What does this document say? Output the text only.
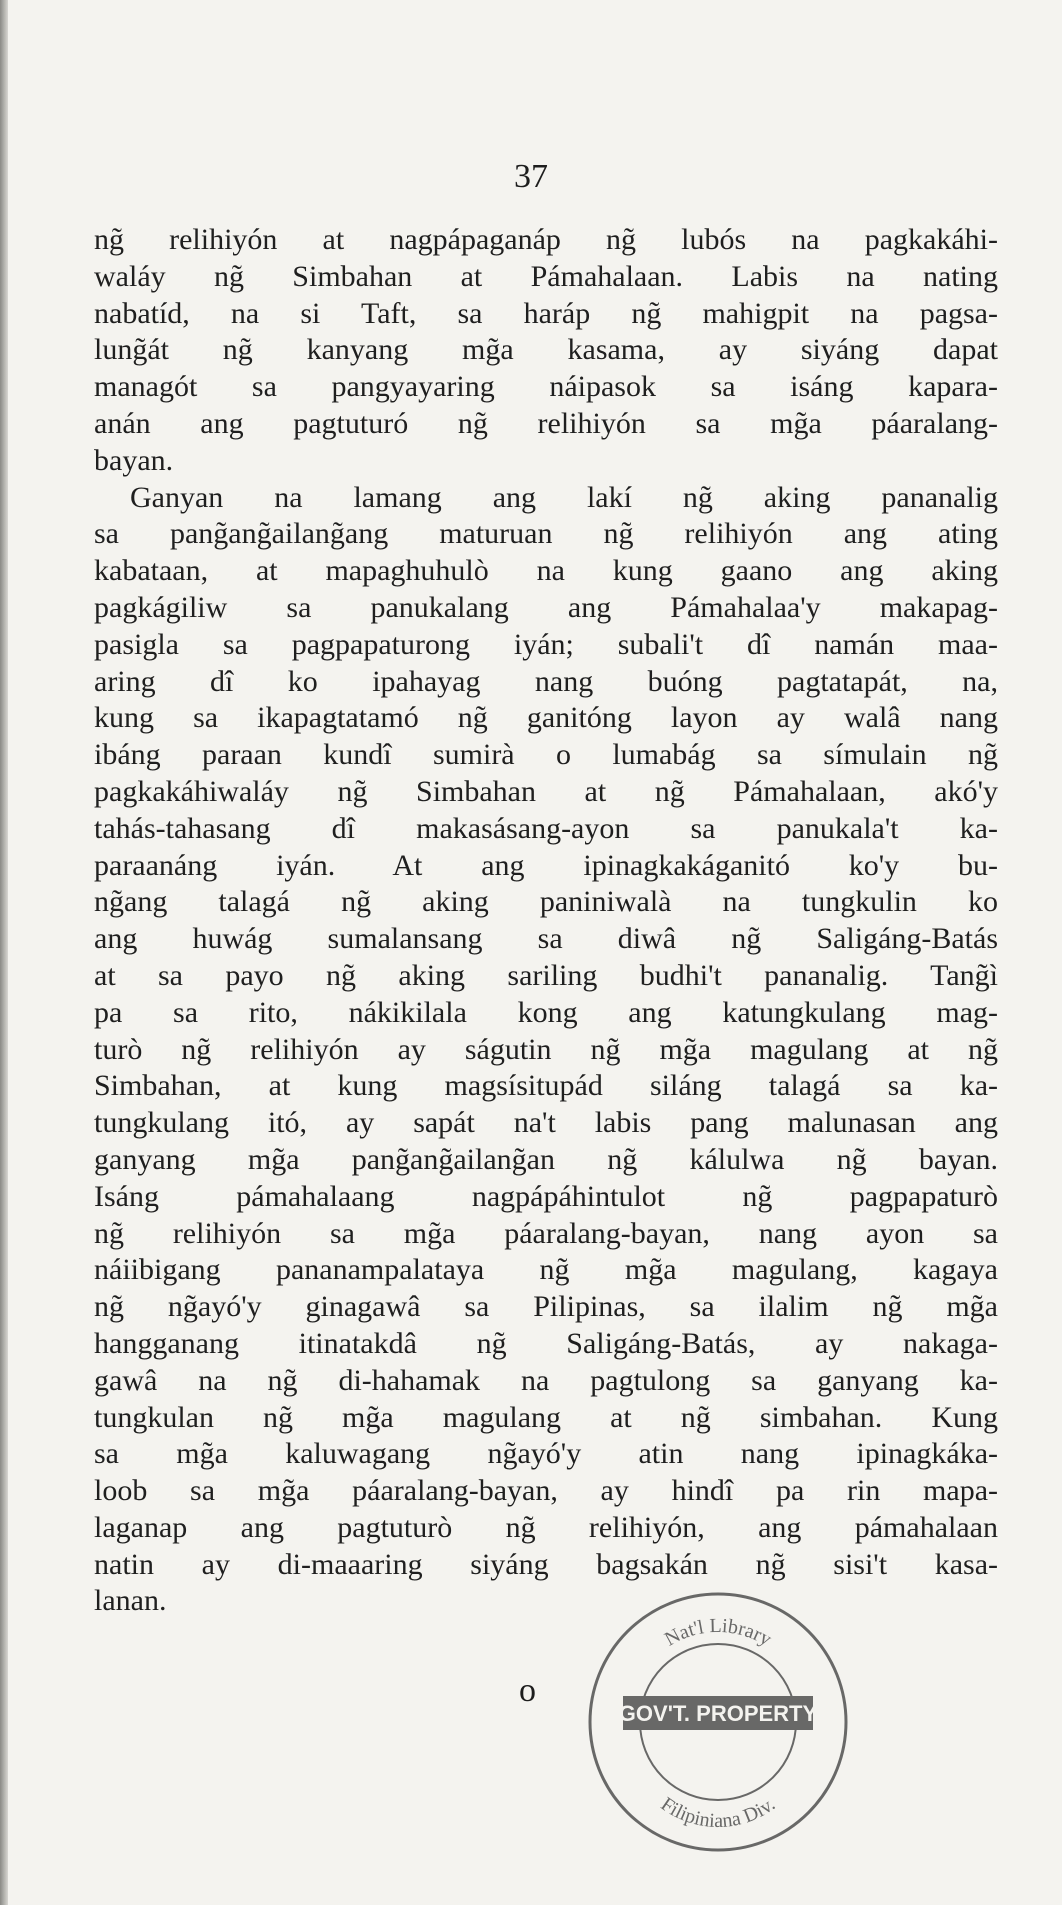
37
ng̃ relihiyón at nagpápaganáp ng̃ lubós na pagkakáhi-
waláy ng̃ Simbahan at Pámahalaan. Labis na nating
nabatíd, na si Taft, sa haráp ng̃ mahigpit na pagsa-
lung̃át ng̃ kanyang mg̃a kasama, ay siyáng dapat
managót sa pangyayaring náipasok sa isáng kapara-
anán ang pagtuturó ng̃ relihiyón sa mg̃a páaralang-
bayan.
Ganyan na lamang ang lakí ng̃ aking pananalig
sa pang̃ang̃ailang̃ang maturuan ng̃ relihiyón ang ating
kabataan, at mapaghuhulò na kung gaano ang aking
pagkágiliw sa panukalang ang Pámahalaa'y makapag-
pasigla sa pagpapaturong iyán; subali't dî namán maa-
aring dî ko ipahayag nang buóng pagtatapát, na,
kung sa ikapagtatamó ng̃ ganitóng layon ay walâ nang
ibáng paraan kundî sumirà o lumabág sa símulain ng̃
pagkakáhiwaláy ng̃ Simbahan at ng̃ Pámahalaan, akó'y
tahás-tahasang dî makasásang-ayon sa panukala't ka-
paraanáng iyán. At ang ipinagkakáganitó ko'y bu-
ng̃ang talagá ng̃ aking paniniwalà na tungkulin ko
ang huwág sumalansang sa diwâ ng̃ Saligáng-Batás
at sa payo ng̃ aking sariling budhi't pananalig. Tang̃ì
pa sa rito, nákikilala kong ang katungkulang mag-
turò ng̃ relihiyón ay ságutin ng̃ mg̃a magulang at ng̃
Simbahan, at kung magsísitupád siláng talagá sa ka-
tungkulang itó, ay sapát na't labis pang malunasan ang
ganyang mg̃a pang̃ang̃ailang̃an ng̃ kálulwa ng̃ bayan.
Isáng pámahalaang nagpápáhintulot ng̃ pagpapaturò
ng̃ relihiyón sa mg̃a páaralang-bayan, nang ayon sa
náiibigang pananampalataya ng̃ mg̃a magulang, kagaya
ng̃ ng̃ayó'y ginagawâ sa Pilipinas, sa ilalim ng̃ mg̃a
hangganang itinatakdâ ng̃ Saligáng-Batás, ay nakaga-
gawâ na ng̃ di-hahamak na pagtulong sa ganyang ka-
tungkulan ng̃ mg̃a magulang at ng̃ simbahan. Kung
sa mg̃a kaluwagang ng̃ayó'y atin nang ipinagkáka-
loob sa mg̃a páaralang-bayan, ay hindî pa rin mapa-
laganap ang pagtuturò ng̃ relihiyón, ang pámahalaan
natin ay di-maaaring siyáng bagsakán ng̃ sisi't kasa-
lanan.
o
Nat'l Library
GOV'T. PROPERTY
Filipiniana Div.
